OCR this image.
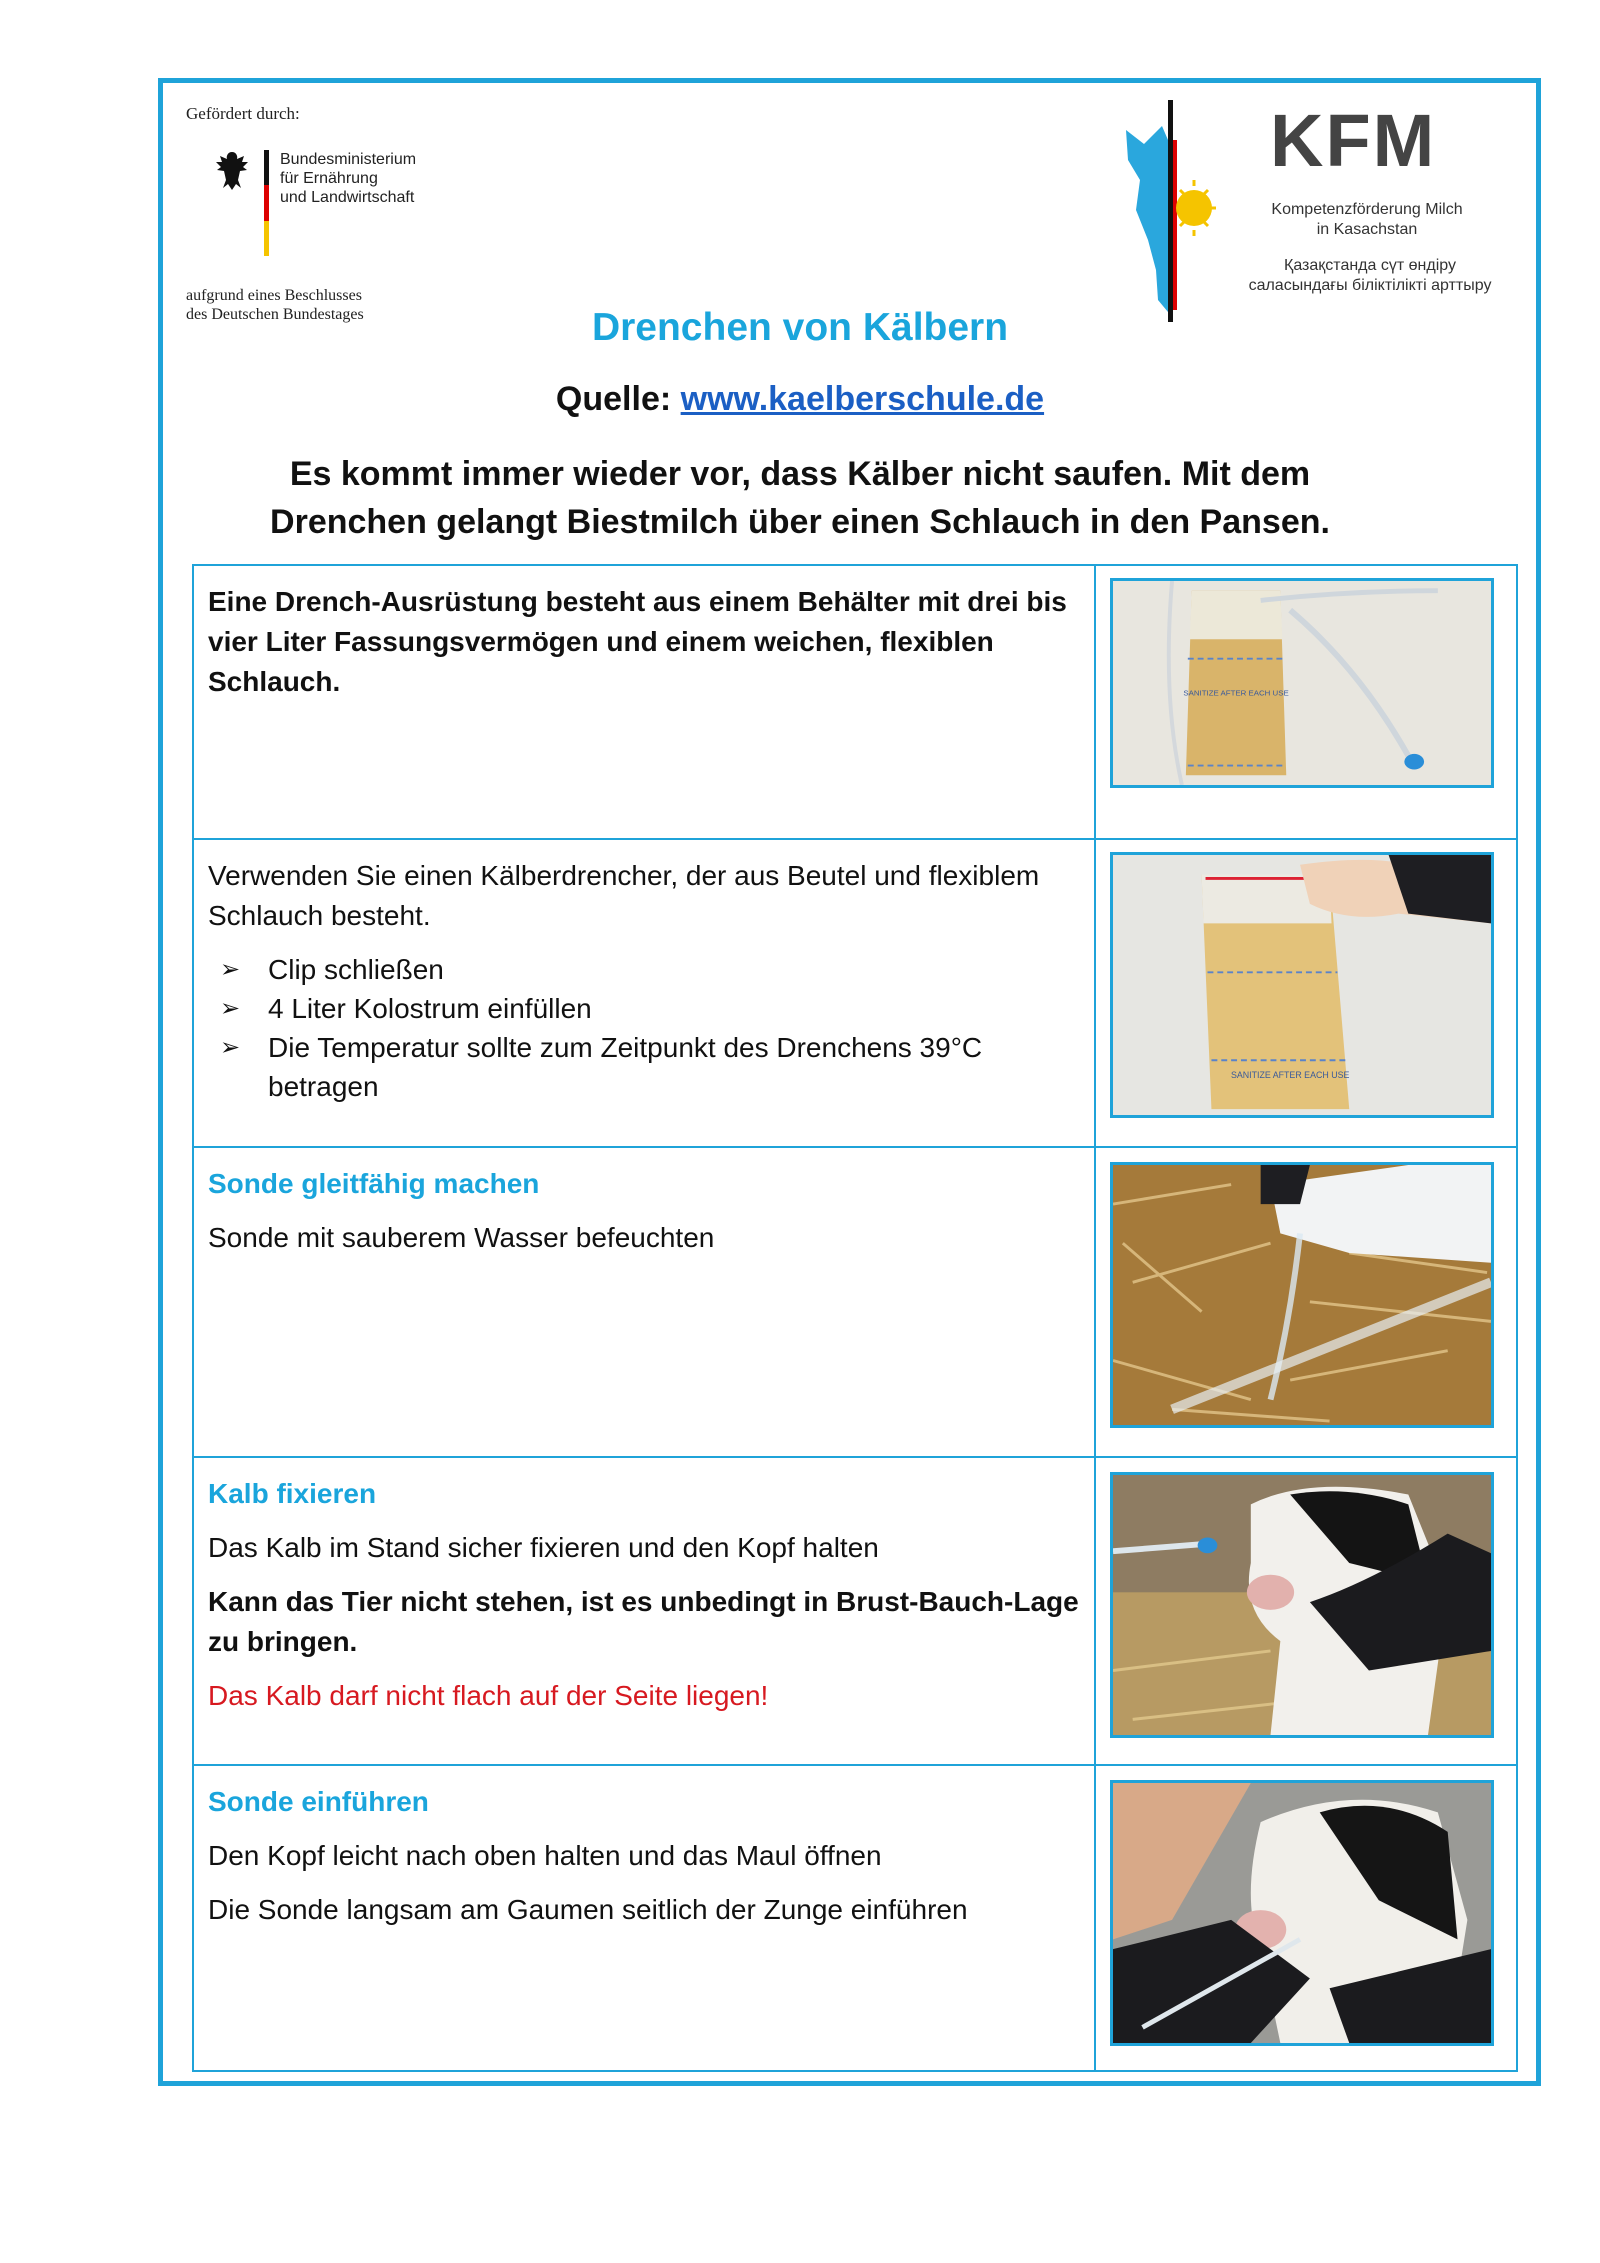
Gefördert durch:
Bundesministerium
für Ernährung
und Landwirtschaft
aufgrund eines Beschlusses
des Deutschen Bundestages
KFM
Kompetenzförderung Milch
in Kasachstan
Қазақстанда сүт өндіру
саласындағы біліктілікті арттыру
Drenchen von Kälbern
Quelle: www.kaelberschule.de
Es kommt immer wieder vor, dass Kälber nicht saufen. Mit dem
Drenchen gelangt Biestmilch über einen Schlauch in den Pansen.

Eine Drench-Ausrüstung besteht aus einem Behälter mit drei bis vier Liter Fassungsvermögen und einem weichen, flexiblen Schlauch.	SANITIZE AFTER EACH USE

Verwenden Sie einen Kälberdrencher, der aus Beutel und flexiblem Schlauch besteht.

➢ Clip schließen
➢ 4 Liter Kolostrum einfüllen
➢ Die Temperatur sollte zum Zeitpunkt des Drenchens 39°C betragen	SANITIZE AFTER EACH USE

Sonde gleitfähig machen

Sonde mit sauberem Wasser befeuchten

Kalb fixieren

Das Kalb im Stand sicher fixieren und den Kopf halten

Kann das Tier nicht stehen, ist es unbedingt in Brust-Bauch-Lage zu bringen.

Das Kalb darf nicht flach auf der Seite liegen!

Sonde einführen

Den Kopf leicht nach oben halten und das Maul öffnen

Die Sonde langsam am Gaumen seitlich der Zunge einführen
